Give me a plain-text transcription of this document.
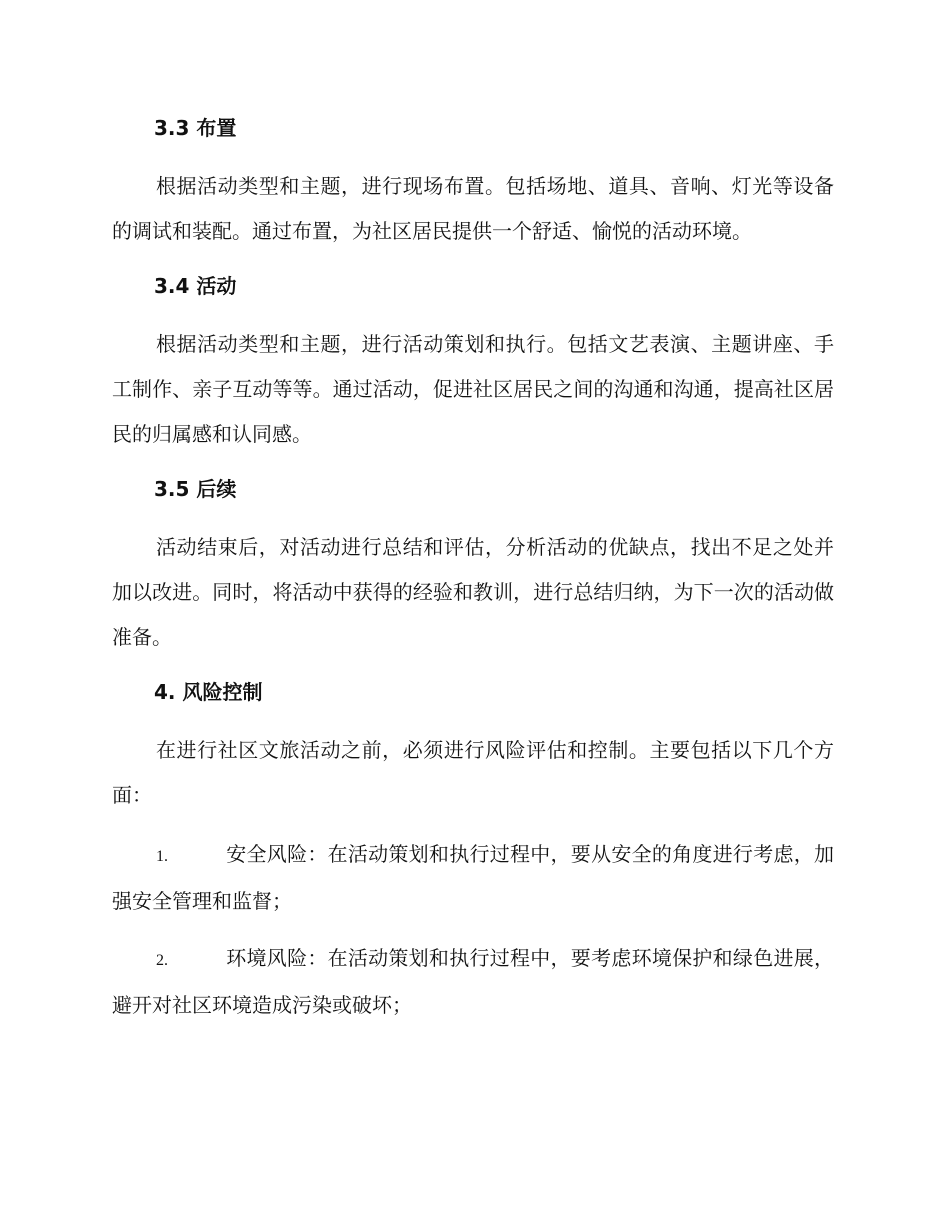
3.3 布置

根据活动类型和主题，进行现场布置。包括场地、道具、音响、灯光等设备的调试和装配。通过布置，为社区居民提供一个舒适、愉悦的活动环境。

3.4 活动

根据活动类型和主题，进行活动策划和执行。包括文艺表演、主题讲座、手工制作、亲子互动等等。通过活动，促进社区居民之间的沟通和沟通，提高社区居民的归属感和认同感。

3.5 后续

活动结束后，对活动进行总结和评估，分析活动的优缺点，找出不足之处并加以改进。同时，将活动中获得的经验和教训，进行总结归纳，为下一次的活动做准备。

4. 风险控制

在进行社区文旅活动之前，必须进行风险评估和控制。主要包括以下几个方面：

1.	安全风险：在活动策划和执行过程中，要从安全的角度进行考虑，加强安全管理和监督；
2.	环境风险：在活动策划和执行过程中，要考虑环境保护和绿色进展，避开对社区环境造成污染或破坏；
